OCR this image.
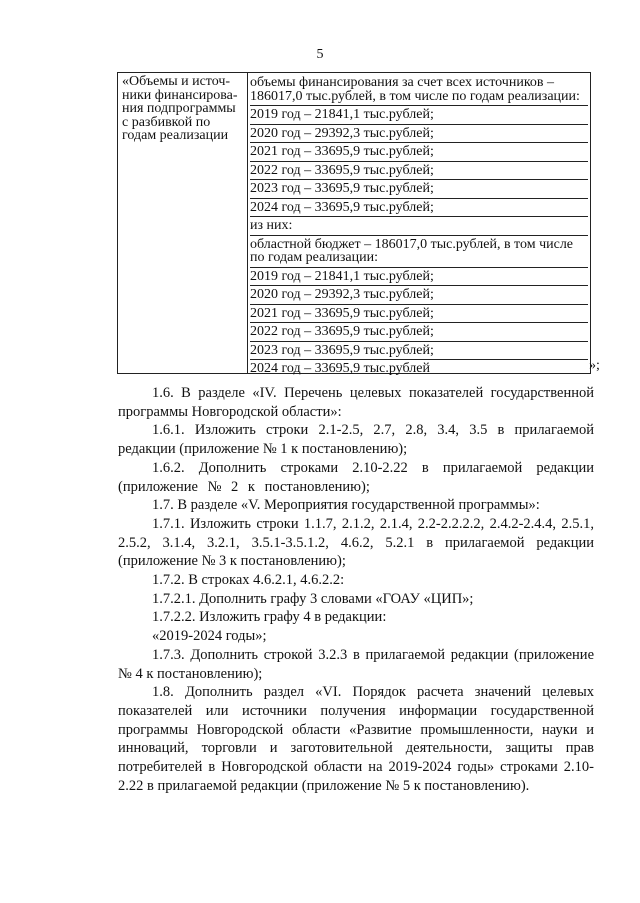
5
«Объемы и источ-
ники финансирова-
ния подпрограммы
с разбивкой по
годам реализации
объемы финансирования за счет всех источников – 186017,0 тыс.рублей, в том числе по годам реализации:
2019 год – 21841,1 тыс.рублей;
2020 год – 29392,3 тыс.рублей;
2021 год – 33695,9 тыс.рублей;
2022 год – 33695,9 тыс.рублей;
2023 год – 33695,9 тыс.рублей;
2024 год – 33695,9 тыс.рублей;
из них:
областной бюджет – 186017,0 тыс.рублей, в том числе по годам реализации:
2019 год – 21841,1 тыс.рублей;
2020 год – 29392,3 тыс.рублей;
2021 год – 33695,9 тыс.рублей;
2022 год – 33695,9 тыс.рублей;
2023 год – 33695,9 тыс.рублей;
2024 год – 33695,9 тыс.рублей	»;

1.6. В разделе «IV. Перечень целевых показателей государственной программы Новгородской области»:

1.6.1. Изложить строки 2.1-2.5, 2.7, 2.8, 3.4, 3.5 в прилагаемой редакции (приложение № 1 к постановлению);

1.6.2. Дополнить строками 2.10-2.22 в прилагаемой редакции (приложение № 2 к постановлению);

1.7. В разделе «V. Мероприятия государственной программы»:

1.7.1. Изложить строки 1.1.7, 2.1.2, 2.1.4, 2.2-2.2.2.2, 2.4.2-2.4.4, 2.5.1, 2.5.2, 3.1.4, 3.2.1, 3.5.1-3.5.1.2, 4.6.2, 5.2.1 в прилагаемой редакции (приложение № 3 к постановлению);

1.7.2. В строках 4.6.2.1, 4.6.2.2:

1.7.2.1. Дополнить графу 3 словами «ГОАУ «ЦИП»;

1.7.2.2. Изложить графу 4 в редакции:

«2019-2024 годы»;

1.7.3. Дополнить строкой 3.2.3 в прилагаемой редакции (приложение № 4 к постановлению);

1.8. Дополнить раздел «VI. Порядок расчета значений целевых показателей или источники получения информации государственной программы Новгородской области «Развитие промышленности, науки и инноваций, торговли и заготовительной деятельности, защиты прав потребителей в Новгородской области на 2019-2024 годы» строками 2.10-2.22 в прилагаемой редакции (приложение № 5 к постановлению).
